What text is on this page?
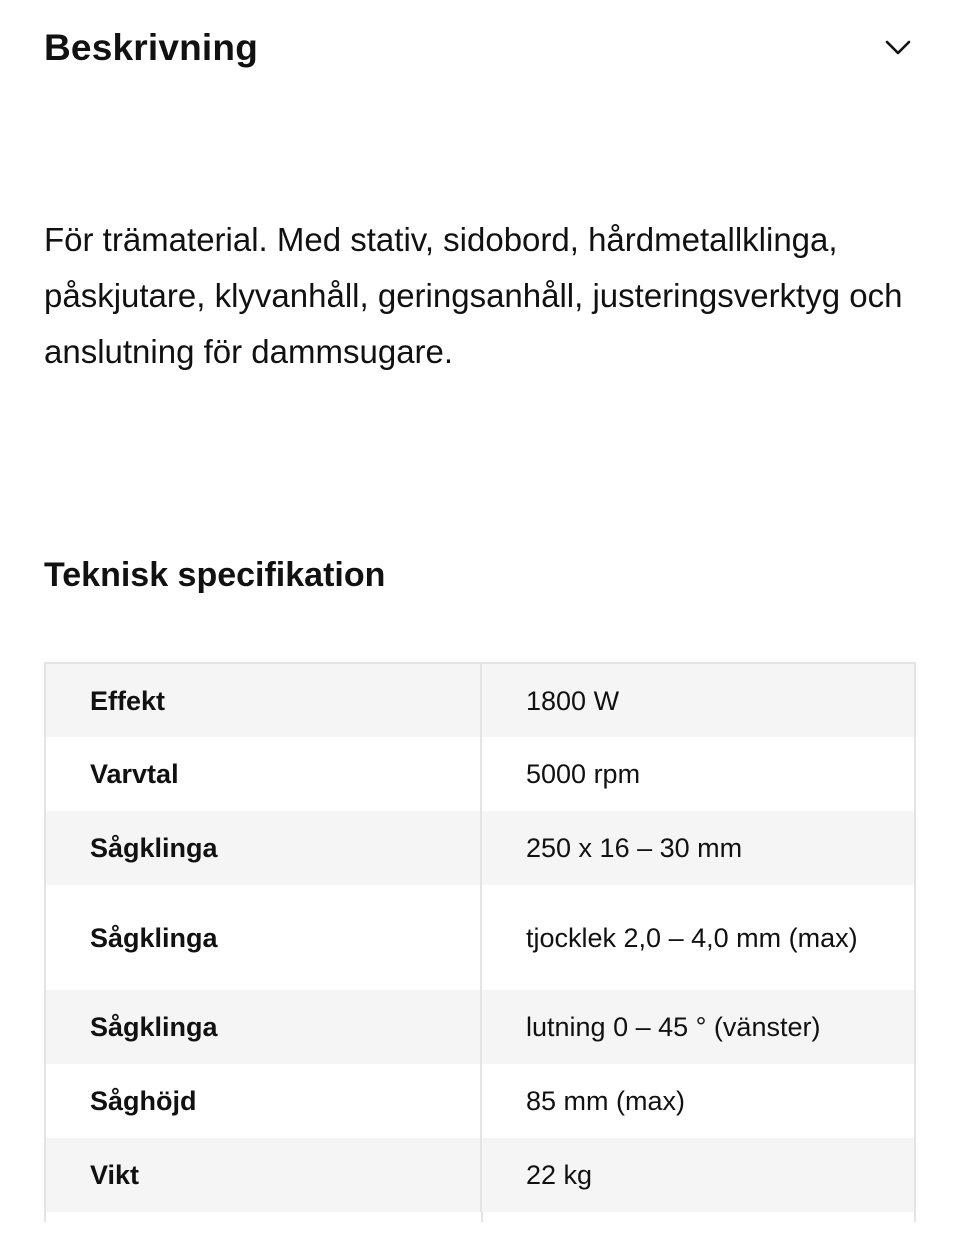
Beskrivning

För trämaterial. Med stativ, sidobord, hårdmetallklinga, påskjutare, klyvanhåll, geringsanhåll, justeringsverktyg och anslutning för dammsugare.

Teknisk specifikation
Effekt	1800 W
Varvtal	5000 rpm
Sågklinga	250 x 16 – 30 mm
Sågklinga	tjocklek 2,0 – 4,0 mm (max)
Sågklinga	lutning 0 – 45 ° (vänster)
Såghöjd	85 mm (max)
Vikt	22 kg
